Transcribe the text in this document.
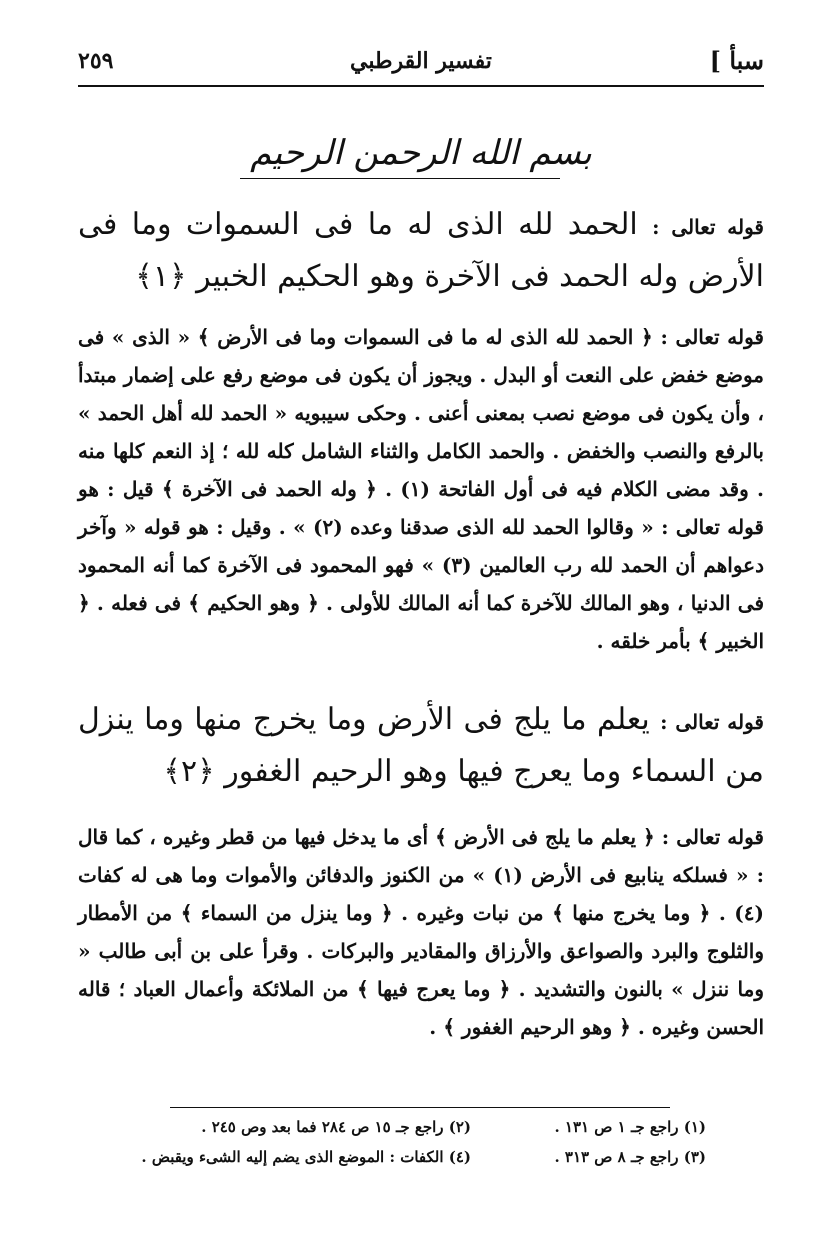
سبأ ]
تفسير القرطبي
٢٥٩
بسم الله الرحمن الرحيم
قوله تعالى : الحمد لله الذى له ما فى السموات وما فى الأرض وله الحمد فى الآخرة وهو الحكيم الخبير ﴿١﴾
قوله تعالى : ﴿ الحمد لله الذى له ما فى السموات وما فى الأرض ﴾ « الذى » فى موضع خفض على النعت أو البدل . ويجوز أن يكون فى موضع رفع على إضمار مبتدأ ، وأن يكون فى موضع نصب بمعنى أعنى . وحكى سيبويه « الحمد لله أهل الحمد » بالرفع والنصب والخفض . والحمد الكامل والثناء الشامل كله لله ؛ إذ النعم كلها منه . وقد مضى الكلام فيه فى أول الفاتحة (١) . ﴿ وله الحمد فى الآخرة ﴾ قيل : هو قوله تعالى : « وقالوا الحمد لله الذى صدقنا وعده (٢) » . وقيل : هو قوله « وآخر دعواهم أن الحمد لله رب العالمين (٣) » فهو المحمود فى الآخرة كما أنه المحمود فى الدنيا ، وهو المالك للآخرة كما أنه المالك للأولى . ﴿ وهو الحكيم ﴾ فى فعله . ﴿ الخبير ﴾ بأمر خلقه .
قوله تعالى : يعلم ما يلج فى الأرض وما يخرج منها وما ينزل من السماء وما يعرج فيها وهو الرحيم الغفور ﴿٢﴾
قوله تعالى : ﴿ يعلم ما يلج فى الأرض ﴾ أى ما يدخل فيها من قطر وغيره ، كما قال : « فسلكه ينابيع فى الأرض (١) » من الكنوز والدفائن والأموات وما هى له كفات (٤) . ﴿ وما يخرج منها ﴾ من نبات وغيره . ﴿ وما ينزل من السماء ﴾ من الأمطار والثلوج والبرد والصواعق والأرزاق والمقادير والبركات . وقرأ على بن أبى طالب « وما ننزل » بالنون والتشديد . ﴿ وما يعرج فيها ﴾ من الملائكة وأعمال العباد ؛ قاله الحسن وغيره . ﴿ وهو الرحيم الغفور ﴾ .
(١) راجع جـ ١ ص ١٣١ .
(٢) راجع جـ ١٥ ص ٢٨٤ فما بعد وص ٢٤٥ .
(٣) راجع جـ ٨ ص ٣١٣ .
(٤) الكفات : الموضع الذى يضم إليه الشىء ويقبض .
